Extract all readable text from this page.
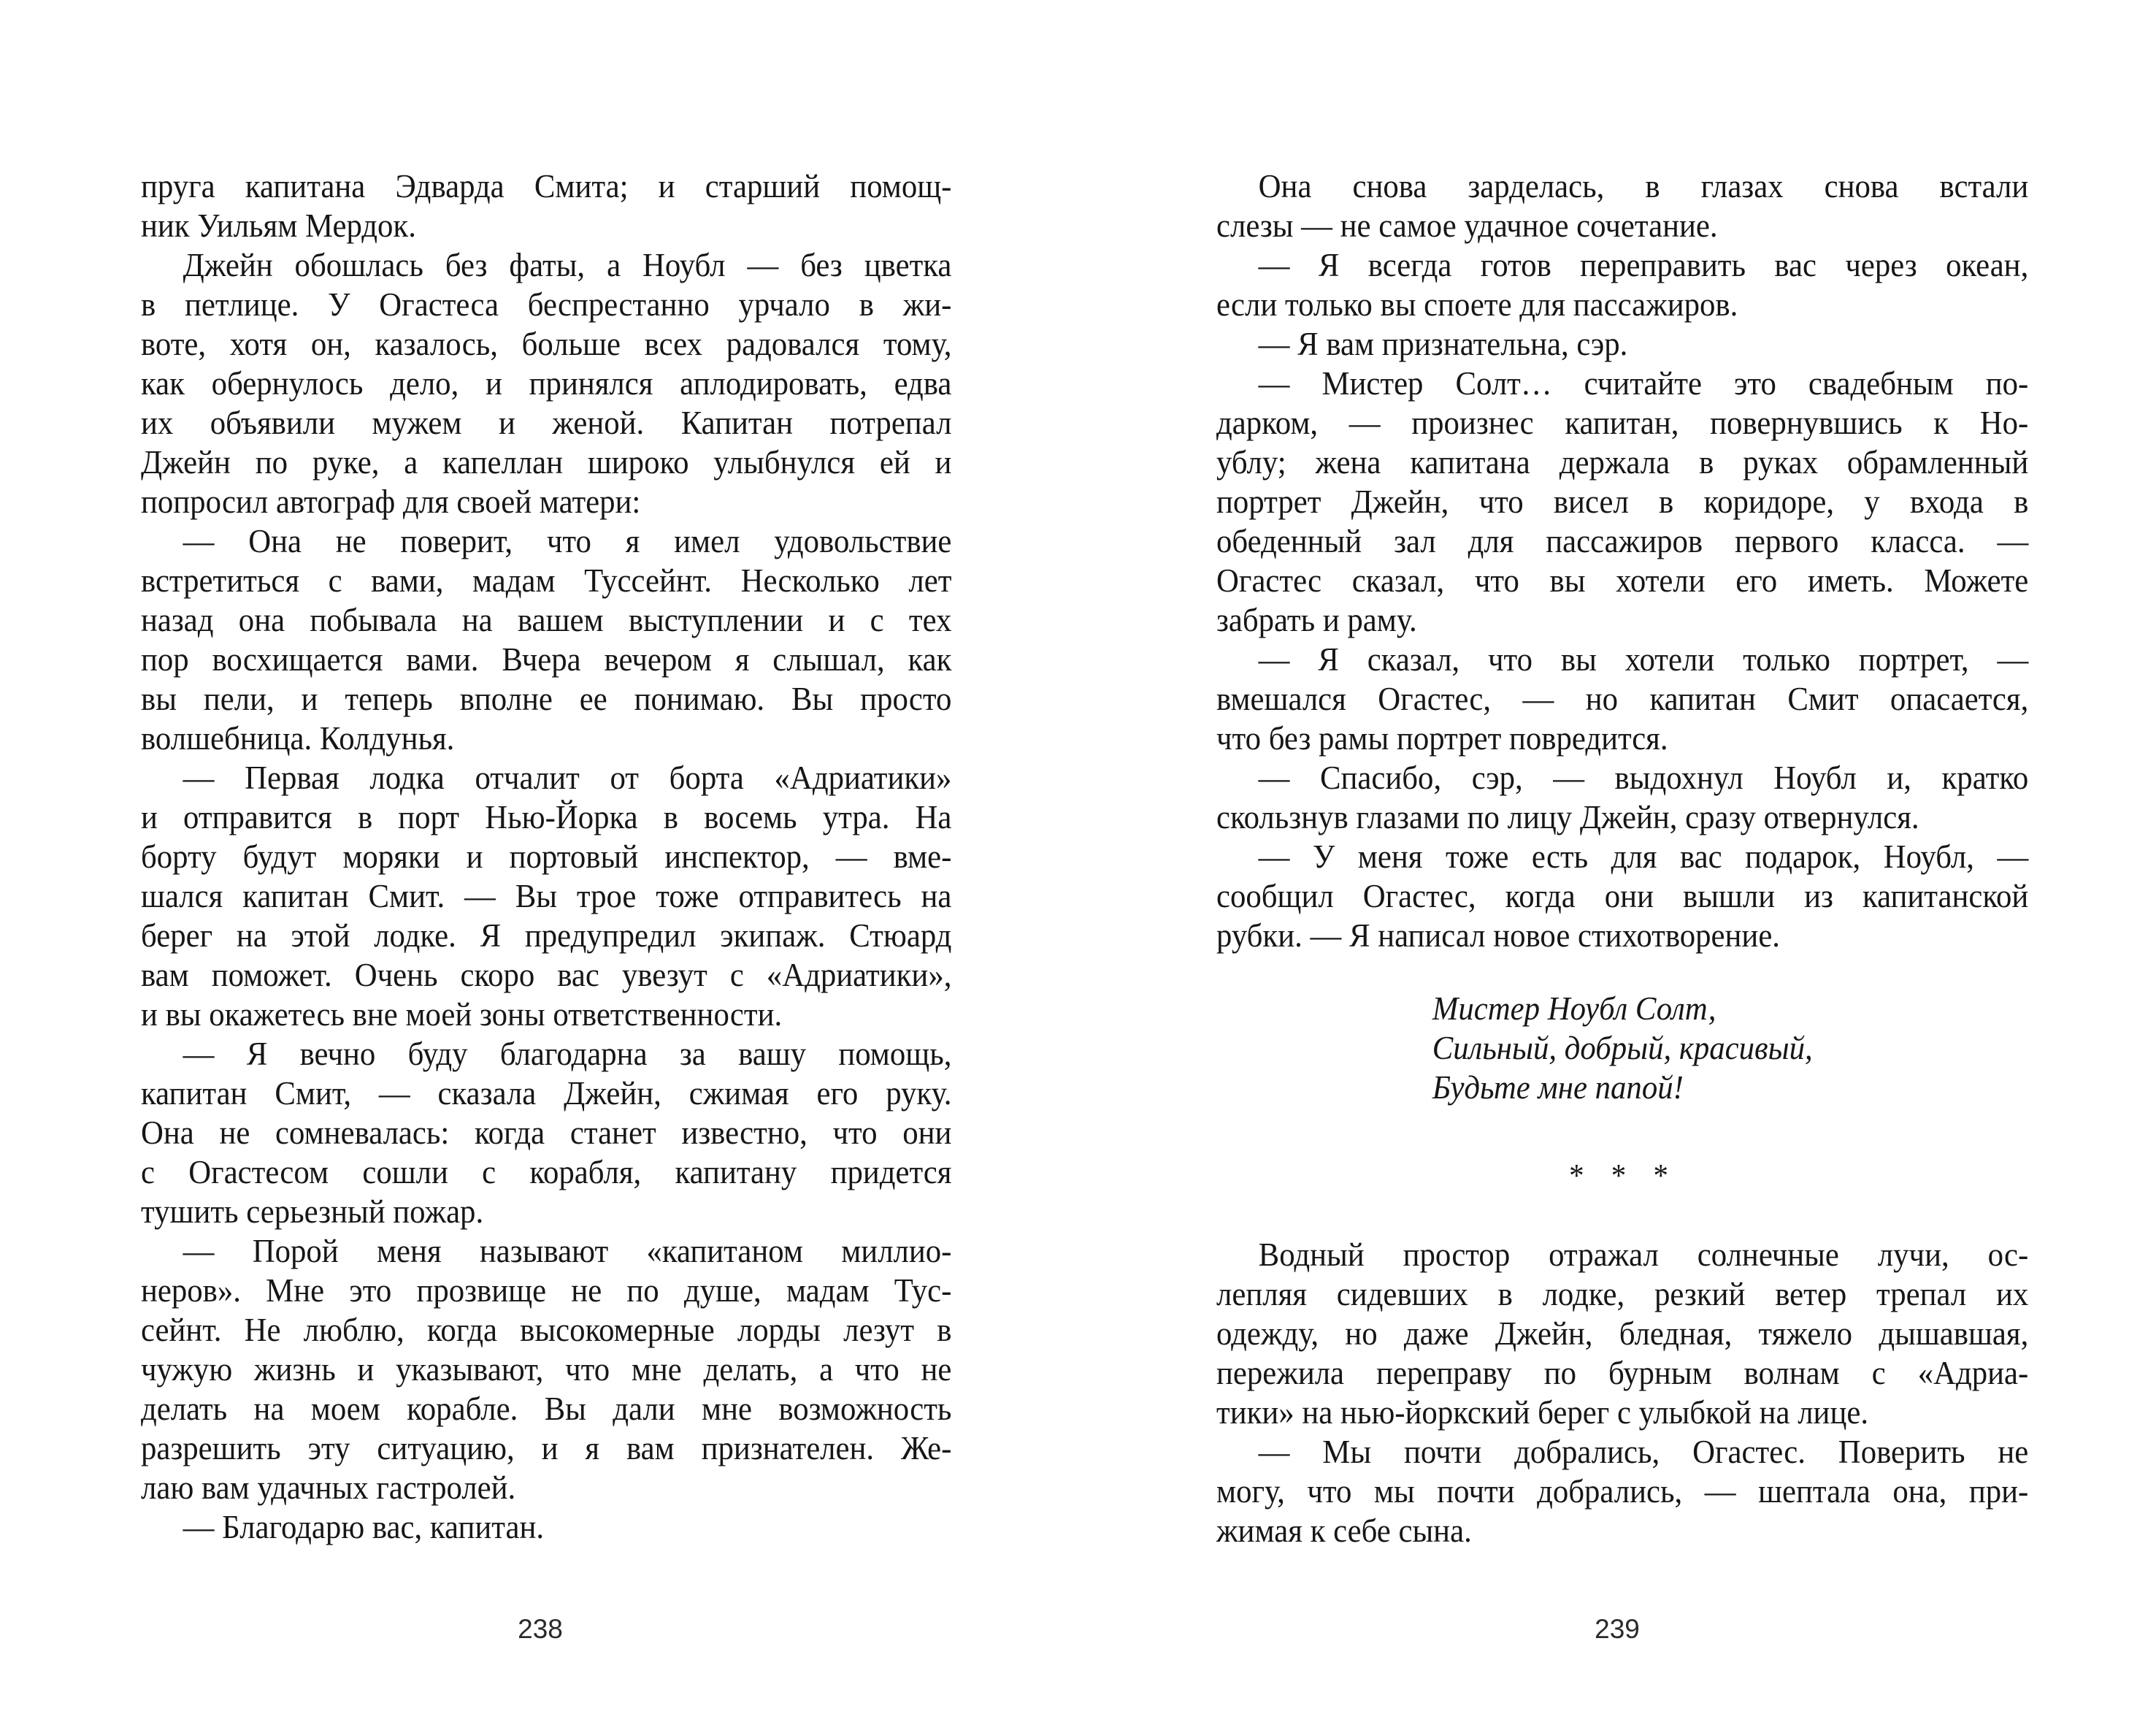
пруга капитана Эдварда Смита; и старший помощ-
ник Уильям Мердок.
Джейн обошлась без фаты, а Ноубл — без цветка
в петлице. У Огастеса беспрестанно урчало в жи-
воте, хотя он, казалось, больше всех радовался тому,
как обернулось дело, и принялся аплодировать, едва
их объявили мужем и женой. Капитан потрепал
Джейн по руке, а капеллан широко улыбнулся ей и
попросил автограф для своей матери:
— Она не поверит, что я имел удовольствие
встретиться с вами, мадам Туссейнт. Несколько лет
назад она побывала на вашем выступлении и с тех
пор восхищается вами. Вчера вечером я слышал, как
вы пели, и теперь вполне ее понимаю. Вы просто
волшебница. Колдунья.
— Первая лодка отчалит от борта «Адриатики»
и отправится в порт Нью-Йорка в восемь утра. На
борту будут моряки и портовый инспектор, — вме-
шался капитан Смит. — Вы трое тоже отправитесь на
берег на этой лодке. Я предупредил экипаж. Стюард
вам поможет. Очень скоро вас увезут с «Адриатики»,
и вы окажетесь вне моей зоны ответственности.
— Я вечно буду благодарна за вашу помощь,
капитан Смит, — сказала Джейн, сжимая его руку.
Она не сомневалась: когда станет известно, что они
с Огастесом сошли с корабля, капитану придется
тушить серьезный пожар.
— Порой меня называют «капитаном миллио-
неров». Мне это прозвище не по душе, мадам Тус-
сейнт. Не люблю, когда высокомерные лорды лезут в
чужую жизнь и указывают, что мне делать, а что не
делать на моем корабле. Вы дали мне возможность
разрешить эту ситуацию, и я вам признателен. Же-
лаю вам удачных гастролей.
— Благодарю вас, капитан.
Она снова зарделась, в глазах снова встали
слезы — не самое удачное сочетание.
— Я всегда готов переправить вас через океан,
если только вы споете для пассажиров.
— Я вам признательна, сэр.
— Мистер Солт… считайте это свадебным по-
дарком, — произнес капитан, повернувшись к Но-
ублу; жена капитана держала в руках обрамленный
портрет Джейн, что висел в коридоре, у входа в
обеденный зал для пассажиров первого класса. —
Огастес сказал, что вы хотели его иметь. Можете
забрать и раму.
— Я сказал, что вы хотели только портрет, —
вмешался Огастес, — но капитан Смит опасается,
что без рамы портрет повредится.
— Спасибо, сэр, — выдохнул Ноубл и, кратко
скользнув глазами по лицу Джейн, сразу отвернулся.
— У меня тоже есть для вас подарок, Ноубл, —
сообщил Огастес, когда они вышли из капитанской
рубки. — Я написал новое стихотворение.
Мистер Ноубл Солт,
Сильный, добрый, красивый,
Будьте мне папой!
* * *
Водный простор отражал солнечные лучи, ос-
лепляя сидевших в лодке, резкий ветер трепал их
одежду, но даже Джейн, бледная, тяжело дышавшая,
пережила переправу по бурным волнам с «Адриа-
тики» на нью-йоркский берег с улыбкой на лице.
— Мы почти добрались, Огастес. Поверить не
могу, что мы почти добрались, — шептала она, при-
жимая к себе сына.
238	239
